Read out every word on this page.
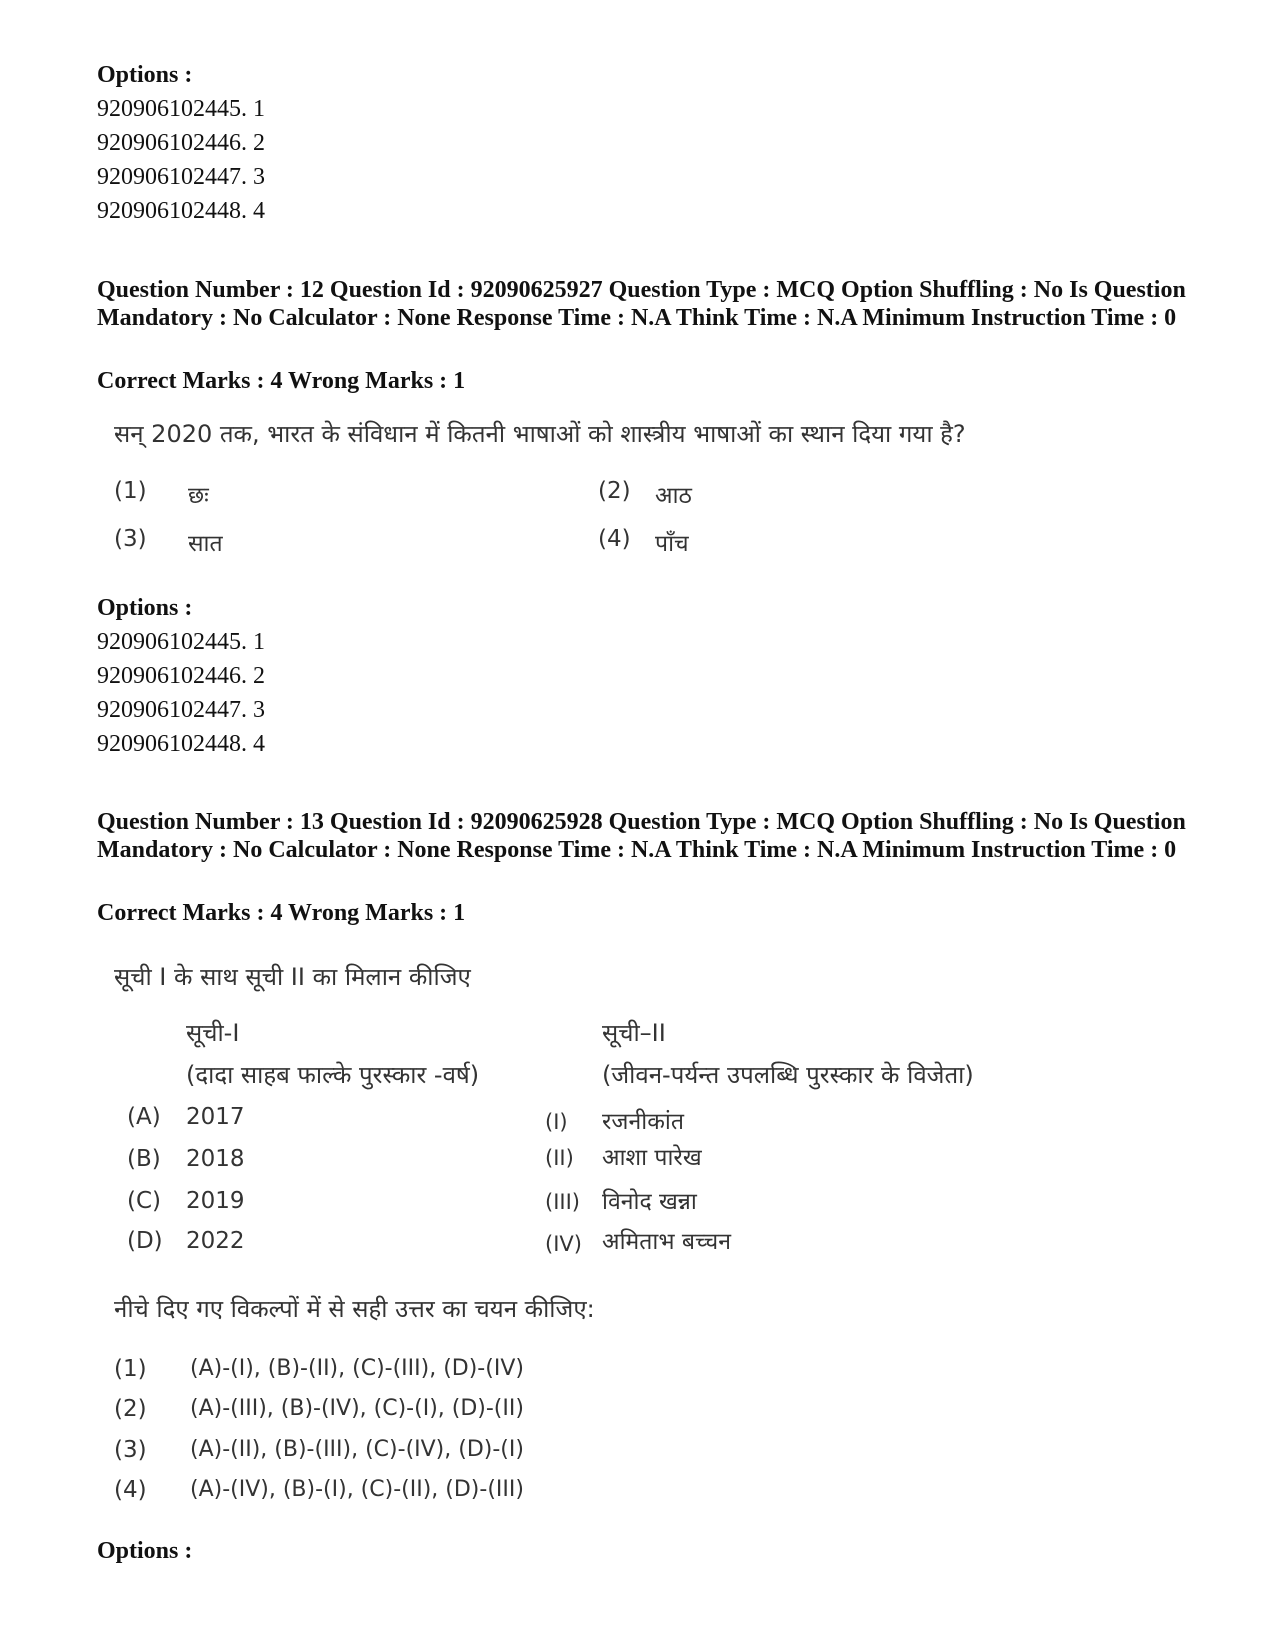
Options :
920906102445. 1
920906102446. 2
920906102447. 3
920906102448. 4
Question Number : 12 Question Id : 92090625927 Question Type : MCQ Option Shuffling : No Is Question Mandatory : No Calculator : None Response Time : N.A Think Time : N.A Minimum Instruction Time : 0
Correct Marks : 4 Wrong Marks : 1
सन् 2020 तक, भारत के संविधान में कितनी भाषाओं को शास्त्रीय भाषाओं का स्थान दिया गया है?
(1) छः	(2) आठ
(3) सात	(4) पाँच
Options :
920906102445. 1
920906102446. 2
920906102447. 3
920906102448. 4
Question Number : 13 Question Id : 92090625928 Question Type : MCQ Option Shuffling : No Is Question Mandatory : No Calculator : None Response Time : N.A Think Time : N.A Minimum Instruction Time : 0
Correct Marks : 4 Wrong Marks : 1
सूची I के साथ सूची II का मिलान कीजिए
सूची-I
(दादा साहब फाल्के पुरस्कार -वर्ष)
सूची–II
(जीवन-पर्यन्त उपलब्धि पुरस्कार के विजेता)
(A) 2017	(I) रजनीकांत
(B) 2018	(II) आशा पारेख
(C) 2019	(III) विनोद खन्ना
(D) 2022	(IV) अमिताभ बच्चन
नीचे दिए गए विकल्पों में से सही उत्तर का चयन कीजिए:
(1) (A)-(I), (B)-(II), (C)-(III), (D)-(IV)
(2) (A)-(III), (B)-(IV), (C)-(I), (D)-(II)
(3) (A)-(II), (B)-(III), (C)-(IV), (D)-(I)
(4) (A)-(IV), (B)-(I), (C)-(II), (D)-(III)
Options :
